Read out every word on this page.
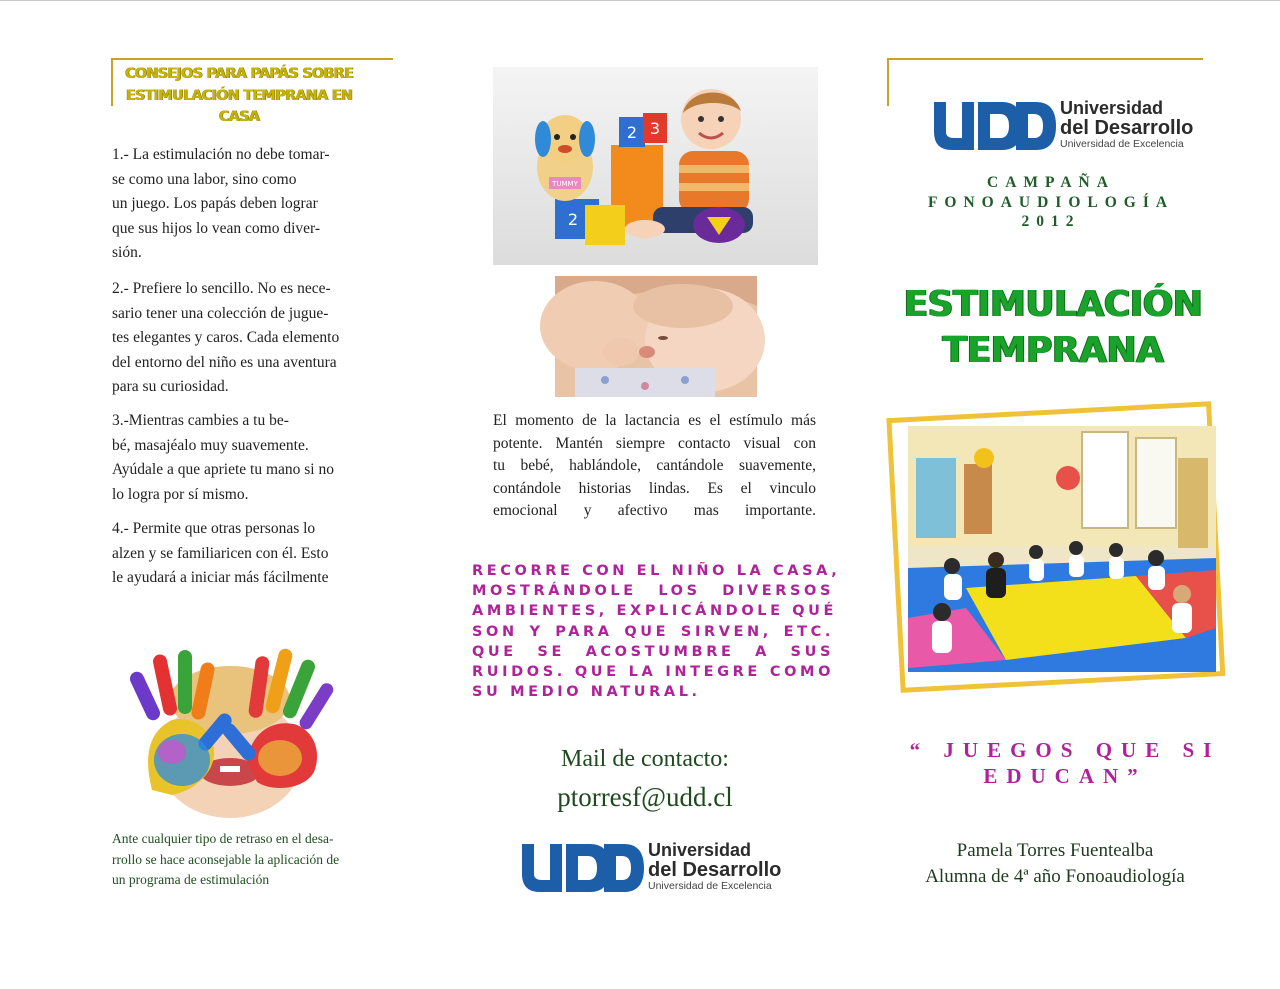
CONSEJOS PARA PAPÁS SOBRE
ESTIMULACIÓN TEMPRANA EN
CASA

1.- La estimulación no debe tomar-

se como una labor, sino como

un juego. Los papás deben lograr

que sus hijos lo vean como diver-

sión.

2.- Prefiere lo sencillo. No es nece-

sario tener una colección de jugue-

tes elegantes y caros. Cada elemento

del entorno del niño es una aventura

para su curiosidad.

3.-Mientras cambies a tu be-

bé, masajéalo muy suavemente.

Ayúdale a que apriete tu mano si no

lo logra por sí mismo.

4.- Permite que otras personas lo

alzen y se familiaricen con él. Esto

le ayudará a iniciar más fácilmente

Ante cualquier tipo de retraso en el desa-
rrollo se hace aconsejable la aplicación de
un programa de estimulación
TUMMY
2 3
2
El momento de la lactancia es el estímulo más
potente. Mantén siempre contacto visual con
tu bebé, hablándole, cantándole suavemente,
contándole historias lindas. Es el vinculo
emocional y afectivo mas importante.
RECORRE CON EL NIÑO LA CASA,
MOSTRÁNDOLE LOS DIVERSOS
AMBIENTES, EXPLICÁNDOLE QUÉ
SON Y PARA QUE SIRVEN, ETC.
QUE SE ACOSTUMBRE A SUS
RUIDOS. QUE LA INTEGRE COMO
SU MEDIO NATURAL.
Mail de contacto:
ptorresf@udd.cl
Universidad
del Desarrollo
Universidad de Excelencia
Universidad
del Desarrollo
Universidad de Excelencia
CAMPAÑA
FONOAUDIOLOGÍA
2012
ESTIMULACIÓN
TEMPRANA
“ JUEGOS QUE SI
EDUCAN”
Pamela Torres Fuentealba
Alumna de 4ª año Fonoaudiología
